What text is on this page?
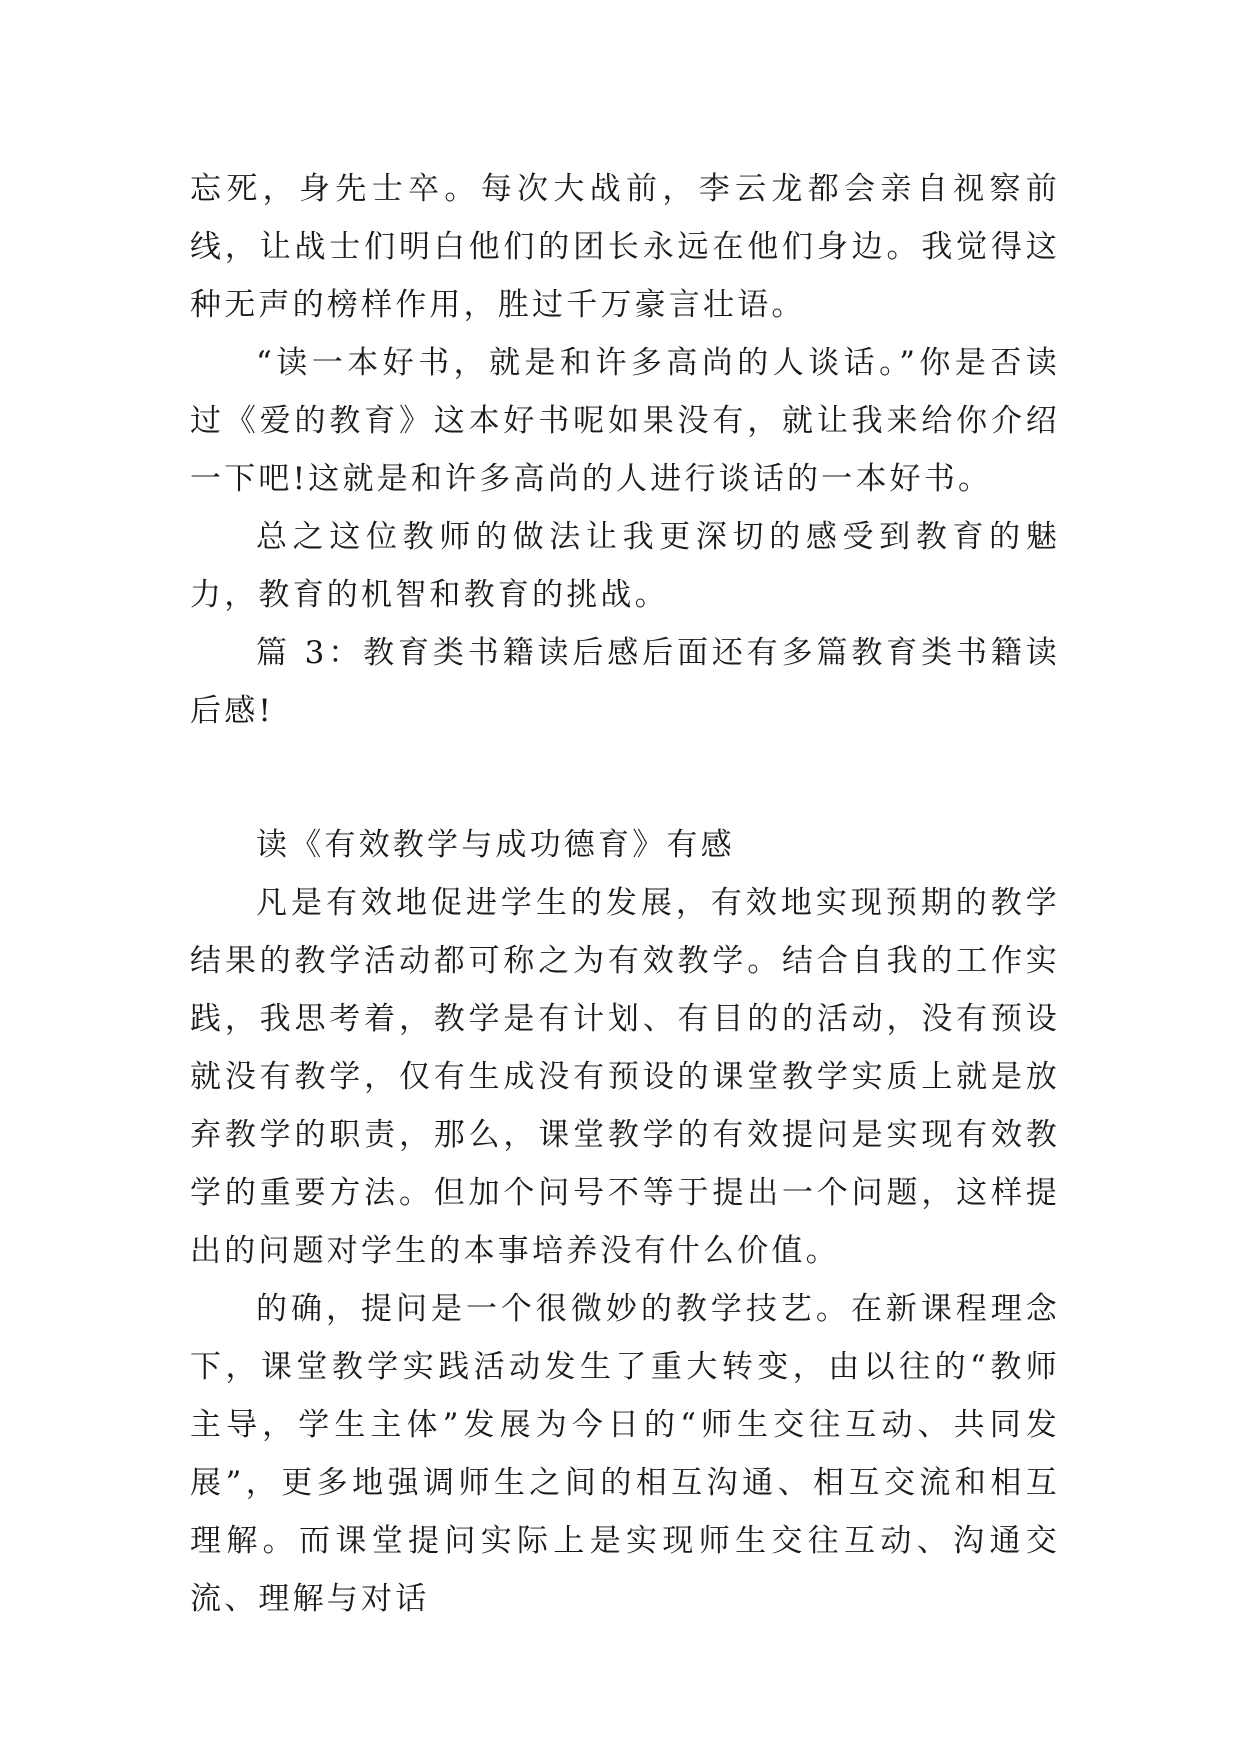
忘死，身先士卒。每次大战前，李云龙都会亲自视察前线，让战士们明白他们的团长永远在他们身边。我觉得这种无声的榜样作用，胜过千万豪言壮语。

“读一本好书，就是和许多高尚的人谈话。”你是否读过《爱的教育》这本好书呢如果没有，就让我来给你介绍一下吧!这就是和许多高尚的人进行谈话的一本好书。

总之这位教师的做法让我更深切的感受到教育的魅力，教育的机智和教育的挑战。

篇 3：教育类书籍读后感后面还有多篇教育类书籍读后感!

读《有效教学与成功德育》有感

凡是有效地促进学生的发展，有效地实现预期的教学结果的教学活动都可称之为有效教学。结合自我的工作实践，我思考着，教学是有计划、有目的的活动，没有预设就没有教学，仅有生成没有预设的课堂教学实质上就是放弃教学的职责，那么，课堂教学的有效提问是实现有效教学的重要方法。但加个问号不等于提出一个问题，这样提出的问题对学生的本事培养没有什么价值。

的确，提问是一个很微妙的教学技艺。在新课程理念下，课堂教学实践活动发生了重大转变，由以往的“教师主导，学生主体”发展为今日的“师生交往互动、共同发展”，更多地强调师生之间的相互沟通、相互交流和相互理解。而课堂提问实际上是实现师生交往互动、沟通交流、理解与对话
